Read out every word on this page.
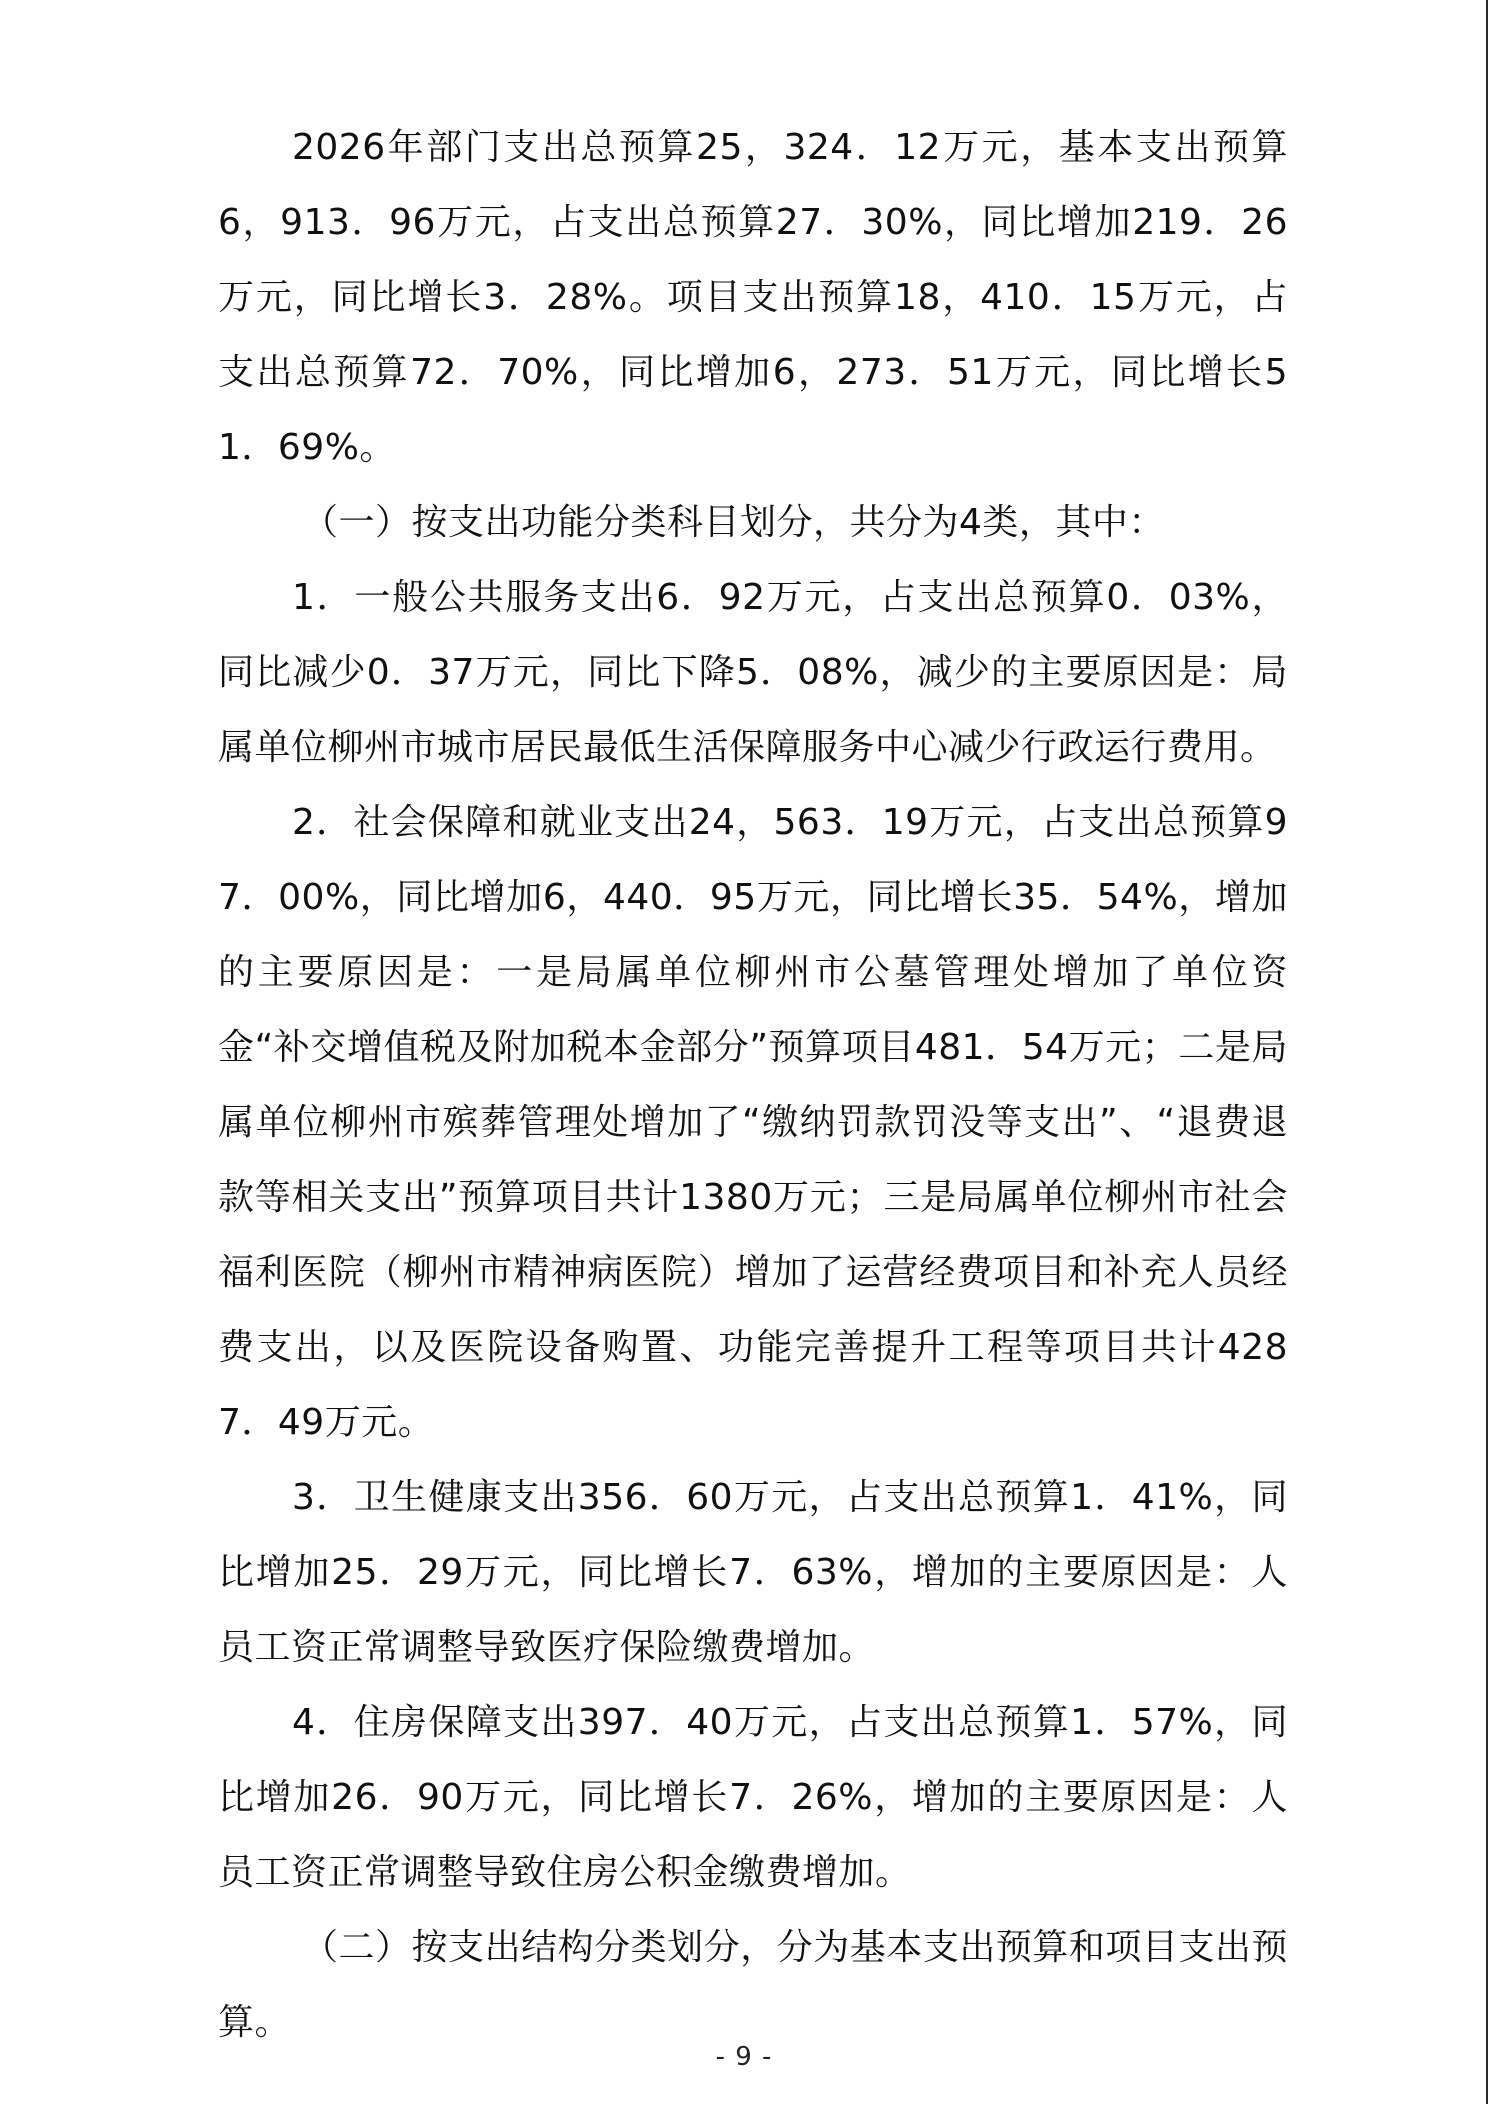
2026年部门支出总预算25，324．12万元，基本支出预算6，913．96万元，占支出总预算27．30%，同比增加219．26万元，同比增长3．28%。项目支出预算18，410．15万元，占支出总预算72．70%，同比增加6，273．51万元，同比增长51．69%。

（一）按支出功能分类科目划分，共分为4类，其中：

1．一般公共服务支出6．92万元，占支出总预算0．03%，同比减少0．37万元，同比下降5．08%，减少的主要原因是：局属单位柳州市城市居民最低生活保障服务中心减少行政运行费用。

2．社会保障和就业支出24，563．19万元，占支出总预算97．00%，同比增加6，440．95万元，同比增长35．54%，增加的主要原因是：一是局属单位柳州市公墓管理处增加了单位资金“补交增值税及附加税本金部分”预算项目481．54万元；二是局属单位柳州市殡葬管理处增加了“缴纳罚款罚没等支出”、“退费退款等相关支出”预算项目共计1380万元；三是局属单位柳州市社会福利医院（柳州市精神病医院）增加了运营经费项目和补充人员经费支出，以及医院设备购置、功能完善提升工程等项目共计4287．49万元。

3．卫生健康支出356．60万元，占支出总预算1．41%，同比增加25．29万元，同比增长7．63%，增加的主要原因是：人员工资正常调整导致医疗保险缴费增加。

4．住房保障支出397．40万元，占支出总预算1．57%，同比增加26．90万元，同比增长7．26%，增加的主要原因是：人员工资正常调整导致住房公积金缴费增加。

（二）按支出结构分类划分，分为基本支出预算和项目支出预算。

- 9 -
